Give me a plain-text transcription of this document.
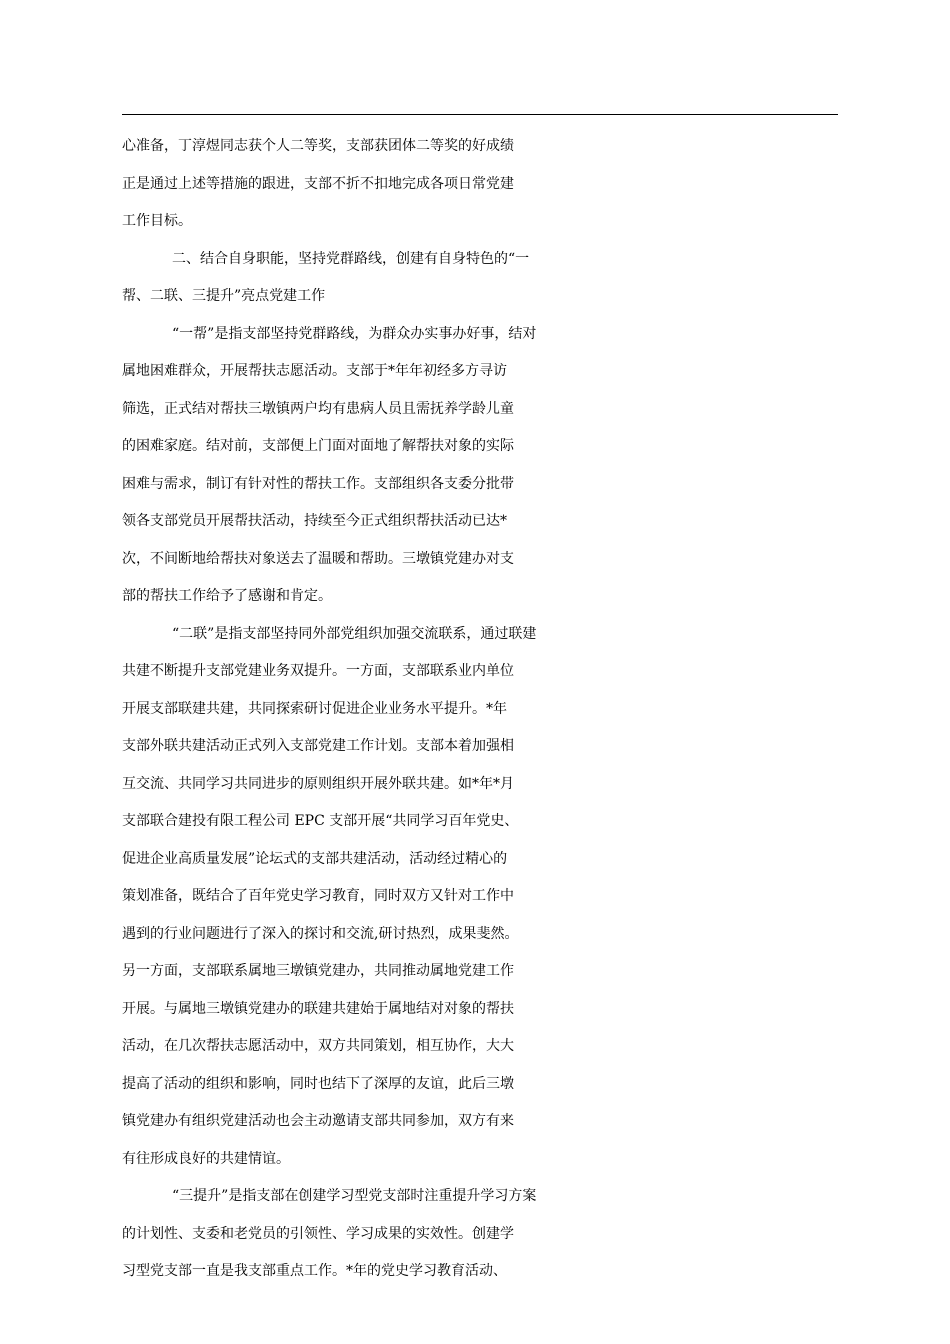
心准备，丁淳煜同志获个人二等奖，支部获团体二等奖的好成绩
正是通过上述等措施的跟进，支部不折不扣地完成各项日常党建
工作目标。
二、结合自身职能，坚持党群路线，创建有自身特色的“一
帮、二联、三提升”亮点党建工作
“一帮”是指支部坚持党群路线，为群众办实事办好事，结对
属地困难群众，开展帮扶志愿活动。支部于*年年初经多方寻访
筛选，正式结对帮扶三墩镇两户均有患病人员且需抚养学龄儿童
的困难家庭。结对前，支部便上门面对面地了解帮扶对象的实际
困难与需求，制订有针对性的帮扶工作。支部组织各支委分批带
领各支部党员开展帮扶活动，持续至今正式组织帮扶活动已达*
次，不间断地给帮扶对象送去了温暖和帮助。三墩镇党建办对支
部的帮扶工作给予了感谢和肯定。
“二联”是指支部坚持同外部党组织加强交流联系，通过联建
共建不断提升支部党建业务双提升。一方面，支部联系业内单位
开展支部联建共建，共同探索研讨促进企业业务水平提升。*年
支部外联共建活动正式列入支部党建工作计划。支部本着加强相
互交流、共同学习共同进步的原则组织开展外联共建。如*年*月
支部联合建投有限工程公司 EPC 支部开展“共同学习百年党史、
促进企业高质量发展”论坛式的支部共建活动，活动经过精心的
策划准备，既结合了百年党史学习教育，同时双方又针对工作中
遇到的行业问题进行了深入的探讨和交流,研讨热烈，成果斐然。
另一方面，支部联系属地三墩镇党建办，共同推动属地党建工作
开展。与属地三墩镇党建办的联建共建始于属地结对对象的帮扶
活动，在几次帮扶志愿活动中，双方共同策划，相互协作，大大
提高了活动的组织和影响，同时也结下了深厚的友谊，此后三墩
镇党建办有组织党建活动也会主动邀请支部共同参加，双方有来
有往形成良好的共建情谊。
“三提升”是指支部在创建学习型党支部时注重提升学习方案
的计划性、支委和老党员的引领性、学习成果的实效性。创建学
习型党支部一直是我支部重点工作。*年的党史学习教育活动、
